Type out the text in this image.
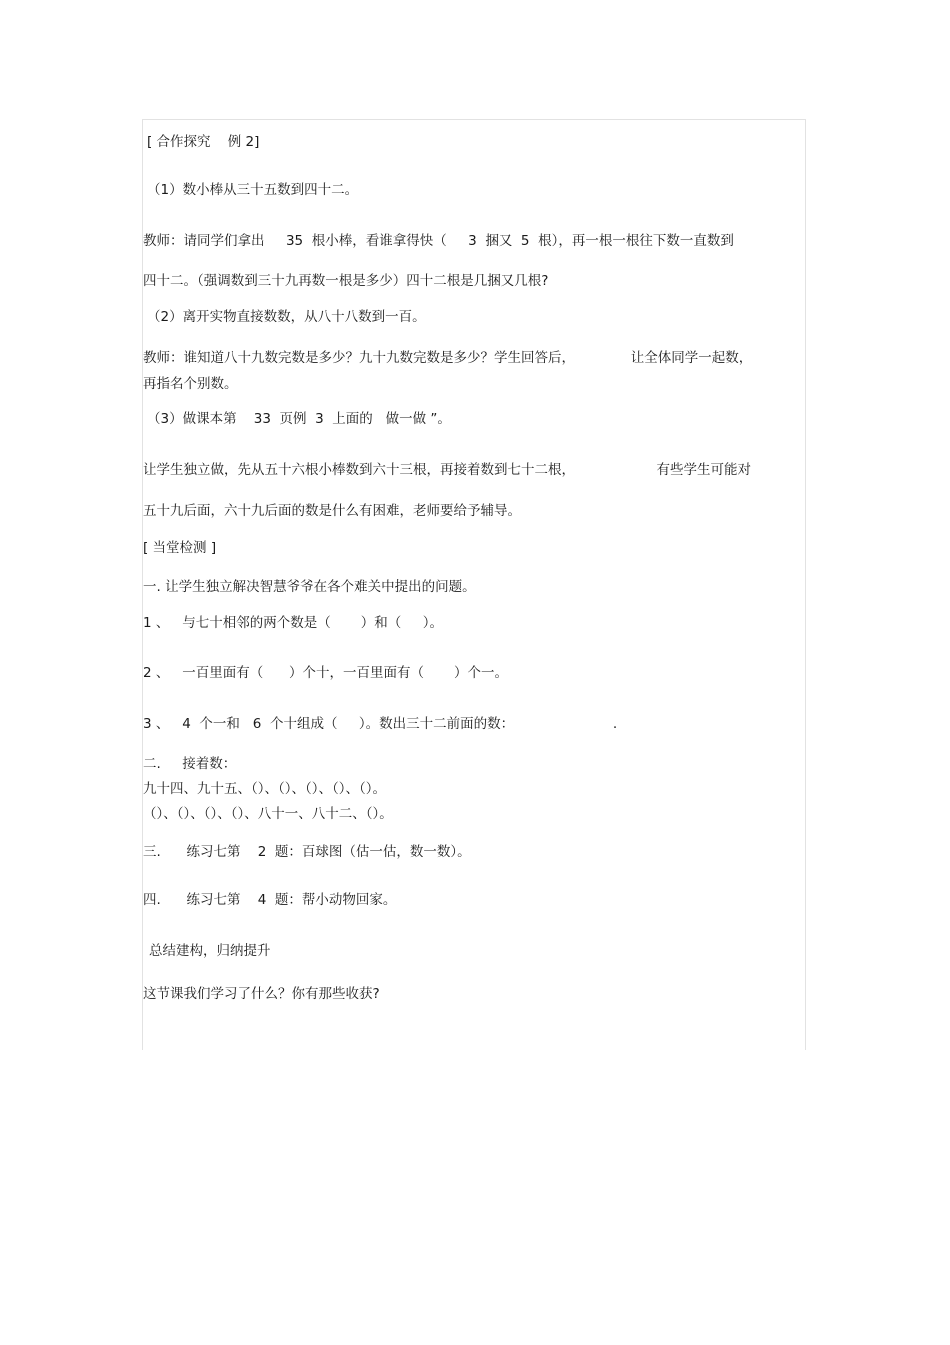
[ 合作探究    例 2]

（1）数小棒从三十五数到四十二。

教师：请同学们拿出     35  根小棒，看谁拿得快（     3  捆又  5  根），再一根一根往下数一直数到

四十二。（强调数到三十九再数一根是多少）四十二根是几捆又几根?

（2）离开实物直接数数，从八十八数到一百。

教师：谁知道八十九数完数是多少？九十九数完数是多少？学生回答后，             让全体同学一起数，

再指名个别数。

（3）做课本第    33  页例  3  上面的   做一做 ”。

让学生独立做，先从五十六根小棒数到六十三根，再接着数到七十二根，                   有些学生可能对

五十九后面，六十九后面的数是什么有困难，老师要给予辅导。

[ 当堂检测 ]

一. 让学生独立解决智慧爷爷在各个难关中提出的问题。

1 、   与七十相邻的两个数是（       ）和（     ）。

2 、   一百里面有（      ）个十，一百里面有（       ）个一。

3 、   4  个一和   6  个十组成（     ）。数出三十二前面的数：                       .

二.     接着数：

九十四、九十五、（）、（）、（）、（）、（）。

（）、（）、（）、（）、八十一、八十二、（）。

三.      练习七第    2  题：百球图（估一估，数一数）。

四.      练习七第    4  题：帮小动物回家。

总结建构，归纳提升

这节课我们学习了什么？你有那些收获?
